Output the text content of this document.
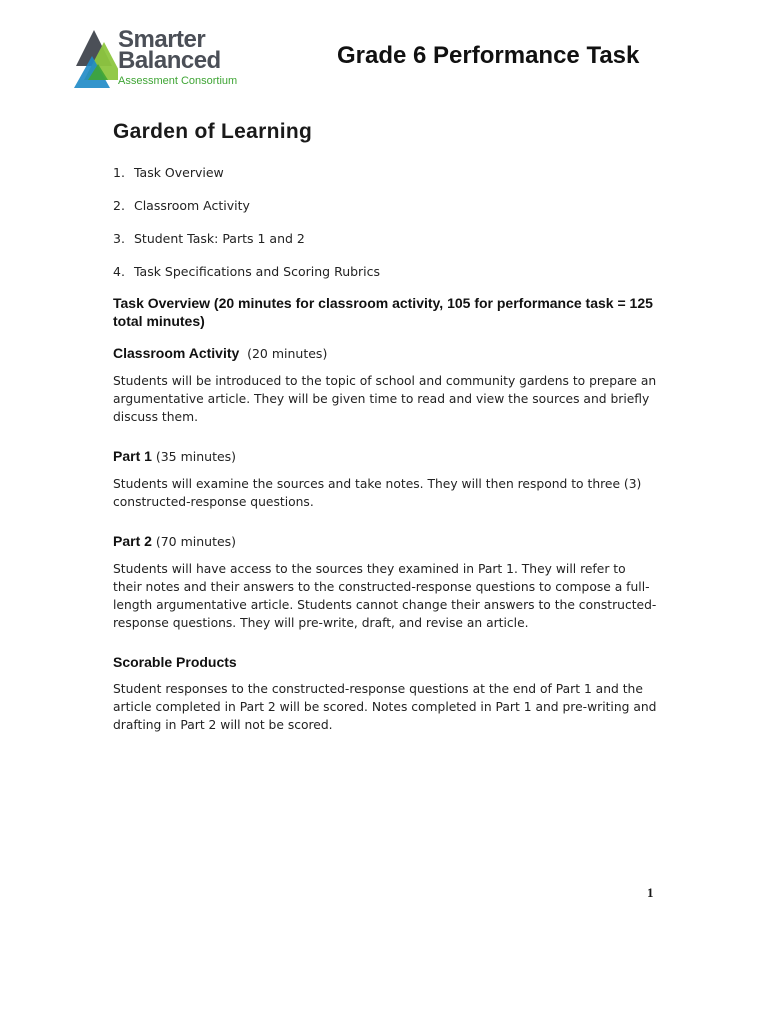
Smarter
Balanced
Assessment Consortium
Grade 6 Performance Task
Garden of Learning
1. Task Overview
2. Classroom Activity
3. Student Task: Parts 1 and 2
4. Task Specifications and Scoring Rubrics
Task Overview (20 minutes for classroom activity, 105 for performance task = 125 total minutes)
Classroom Activity (20 minutes)

Students will be introduced to the topic of school and community gardens to prepare an argumentative article. They will be given time to read and view the sources and briefly discuss them.

Part 1 (35 minutes)

Students will examine the sources and take notes. They will then respond to three (3) constructed-response questions.

Part 2 (70 minutes)

Students will have access to the sources they examined in Part 1. They will refer to their notes and their answers to the constructed-response questions to compose a full-length argumentative article. Students cannot change their answers to the constructed-response questions. They will pre-write, draft, and revise an article.

Scorable Products

Student responses to the constructed-response questions at the end of Part 1 and the article completed in Part 2 will be scored. Notes completed in Part 1 and pre-writing and drafting in Part 2 will not be scored.

1
